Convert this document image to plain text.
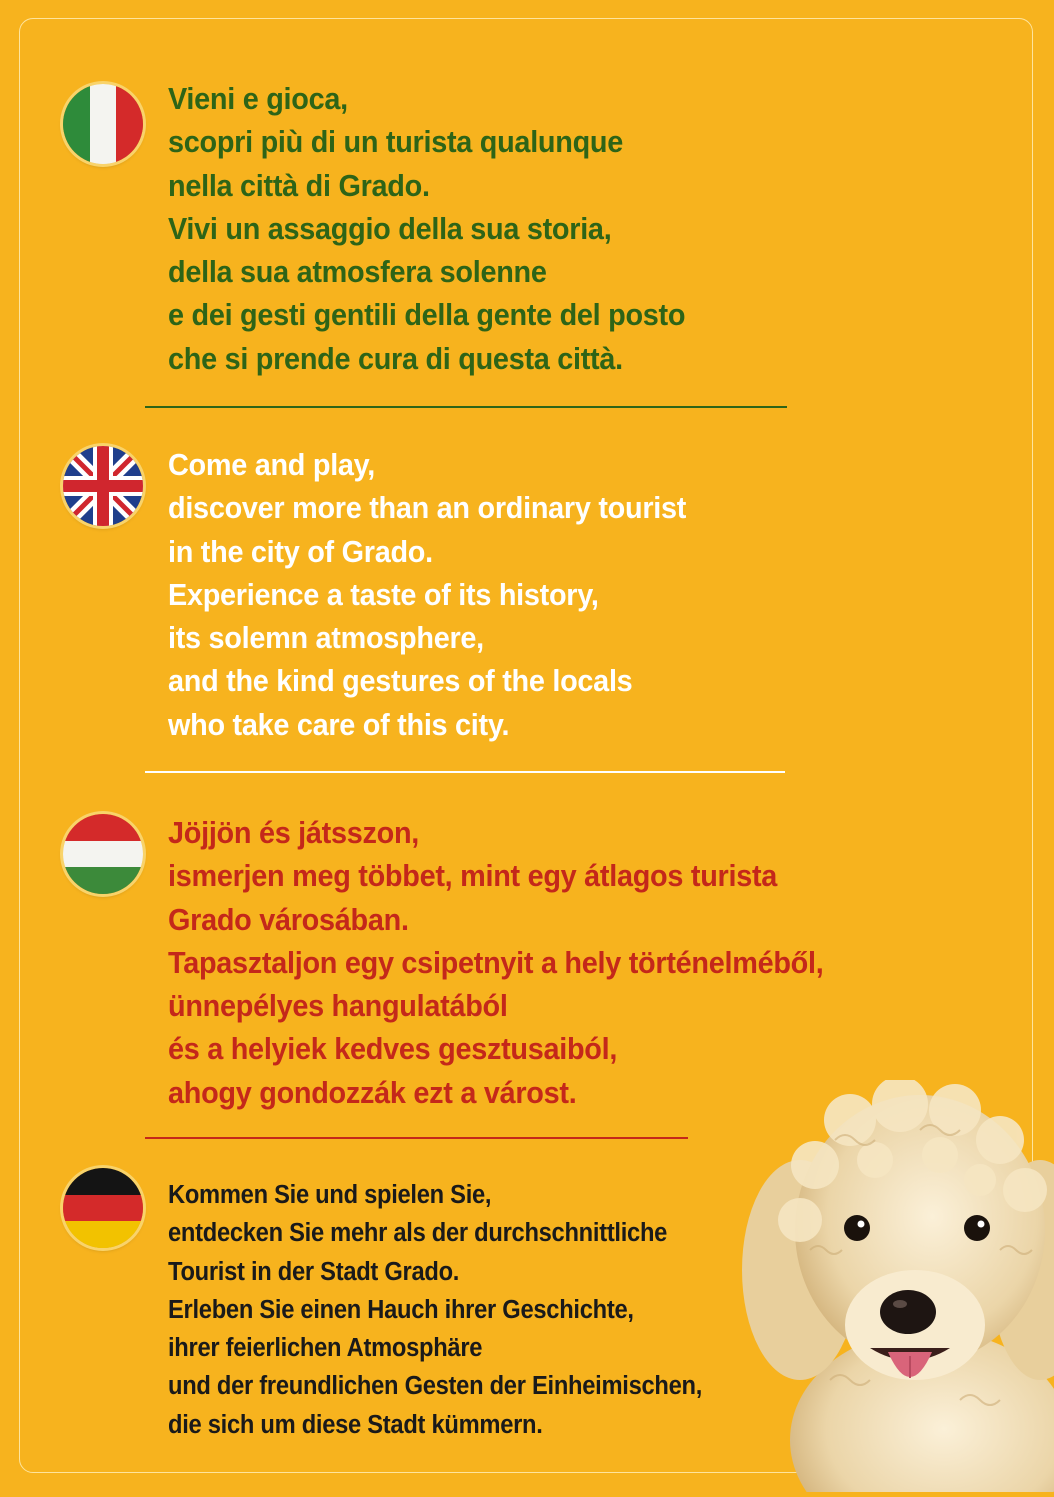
Vieni e gioca,
scopri più di un turista qualunque
nella città di Grado.
Vivi un assaggio della sua storia,
della sua atmosfera solenne
e dei gesti gentili della gente del posto
che si prende cura di questa città.

Come and play,
discover more than an ordinary tourist
in the city of Grado.
Experience a taste of its history,
its solemn atmosphere,
and the kind gestures of the locals
who take care of this city.

Jöjjön és játsszon,
ismerjen meg többet, mint egy átlagos turista
Grado városában.
Tapasztaljon egy csipetnyit a hely történelméből,
ünnepélyes hangulatából
és a helyiek kedves gesztusaiból,
ahogy gondozzák ezt a várost.

Kommen Sie und spielen Sie,
entdecken Sie mehr als der durchschnittliche
Tourist in der Stadt Grado.
Erleben Sie einen Hauch ihrer Geschichte,
ihrer feierlichen Atmosphäre
und der freundlichen Gesten der Einheimischen,
die sich um diese Stadt kümmern.
